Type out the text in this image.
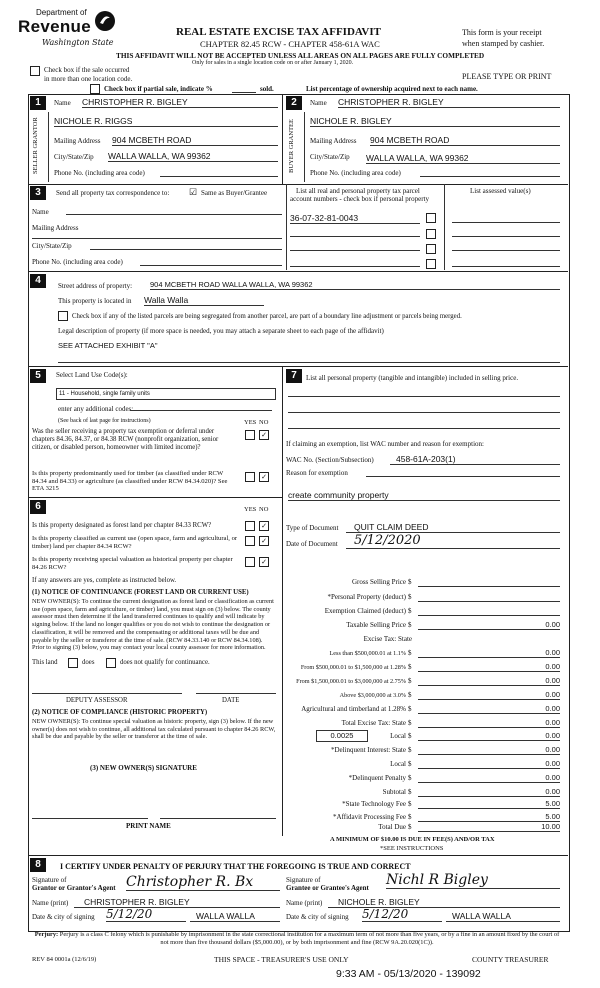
Department of
Revenue
Washington State
REAL ESTATE EXCISE TAX AFFIDAVIT
CHAPTER 82.45 RCW - CHAPTER 458-61A WAC
THIS AFFIDAVIT WILL NOT BE ACCEPTED UNLESS ALL AREAS ON ALL PAGES ARE FULLY COMPLETED
Only for sales in a single location code on or after January 1, 2020.
This form is your receipt
when stamped by cashier.
Check box if the sale occurred
in more than one location code.
Check box if partial sale, indicate %	sold.	List percentage of ownership acquired next to each name.
PLEASE TYPE OR PRINT
1
SELLER GRANTOR
Name CHRISTOPHER R. BIGLEY
NICHOLE R. RIGGS
Mailing Address 904 MCBETH ROAD
City/State/Zip WALLA WALLA, WA 99362
Phone No. (including area code)
2
BUYER GRANTEE
Name CHRISTOPHER R. BIGLEY
NICHOLE R. BIGLEY
Mailing Address 904 MCBETH ROAD
City/State/Zip WALLA WALLA, WA 99362
Phone No. (including area code)
3	Send all property tax correspondence to: ☑ Same as Buyer/Grantee
Name
Mailing Address
City/State/Zip
Phone No. (including area code)
List all real and personal property tax parcel
account numbers - check box if personal property
List assessed value(s)
36-07-32-81-0043
4	Street address of property: 904 MCBETH ROAD WALLA WALLA, WA 99362
This property is located in Walla Walla
Check box if any of the listed parcels are being segregated from another parcel, are part of a boundary line adjustment or parcels being merged.
Legal description of property (if more space is needed, you may attach a separate sheet to each page of the affidavit)
SEE ATTACHED EXHIBIT "A"
5	Select Land Use Code(s):
11 - Household, single family units
enter any additional codes:
(See back of last page for instructions)	YES NO
Was the seller receiving a property tax exemption or deferral under chapters 84.36, 84.37, or 84.38 RCW (nonprofit organization, senior citizen, or disabled person, homeowner with limited income)?
✓
Is this property predominantly used for timber (as classified under RCW 84.34 and 84.33) or agriculture (as classified under RCW 84.34.020)? See ETA 3215
✓
6	YES NO
Is this property designated as forest land per chapter 84.33 RCW?	✓
Is this property classified as current use (open space, farm and agricultural, or timber) land per chapter 84.34 RCW?
✓
Is this property receiving special valuation as historical property per chapter 84.26 RCW?
✓
If any answers are yes, complete as instructed below.
(1) NOTICE OF CONTINUANCE (FOREST LAND OR CURRENT USE)
NEW OWNER(S): To continue the current designation as forest land or classification as current use (open space, farm and agriculture, or timber) land, you must sign on (3) below. The county assessor must then determine if the land transferred continues to qualify and will indicate by signing below. If the land no longer qualifies or you do not wish to continue the designation or classification, it will be removed and the compensating or additional taxes will be due and payable by the seller or transferor at the time of sale. (RCW 84.33.140 or RCW 84.34.108). Prior to signing (3) below, you may contact your local county assessor for more information.
This land	does	does not qualify for continuance.
DEPUTY ASSESSOR	DATE
(2) NOTICE OF COMPLIANCE (HISTORIC PROPERTY)
NEW OWNER(S): To continue special valuation as historic property, sign (3) below. If the new owner(s) does not wish to continue, all additional tax calculated pursuant to chapter 84.26 RCW, shall be due and payable by the seller or transferor at the time of sale.
(3) NEW OWNER(S) SIGNATURE
PRINT NAME
7	List all personal property (tangible and intangible) included in selling price.
If claiming an exemption, list WAC number and reason for exemption:
WAC No. (Section/Subsection)	458-61A-203(1)
Reason for exemption
create community property
Type of Document	QUIT CLAIM DEED
Date of Document	5/12/2020
Gross Selling Price $
*Personal Property (deduct) $
Exemption Claimed (deduct) $
Taxable Selling Price $	0.00
Excise Tax: State
Less than $500,000.01 at 1.1% $	0.00
From $500,000.01 to $1,500,000 at 1.28% $	0.00
From $1,500,000.01 to $3,000,000 at 2.75% $	0.00
Above $3,000,000 at 3.0% $	0.00
Agricultural and timberland at 1.28% $	0.00
Total Excise Tax: State $	0.00
0.0025	Local $	0.00
*Delinquent Interest: State $	0.00
Local $	0.00
*Delinquent Penalty $	0.00
Subtotal $	0.00
*State Technology Fee $	5.00
*Affidavit Processing Fee $	5.00
Total Due $	10.00
A MINIMUM OF $10.00 IS DUE IN FEE(S) AND/OR TAX
*SEE INSTRUCTIONS
8	I CERTIFY UNDER PENALTY OF PERJURY THAT THE FOREGOING IS TRUE AND CORRECT
Signature of
Grantor or Grantor's Agent Christopher R. Bx	Signature of
Grantee or Grantee's Agent Nichl R Bigley
Name (print)	CHRISTOPHER R. BIGLEY	Name (print)	NICHOLE R. BIGLEY
Date & city of signing 5/12/20	WALLA WALLA	Date & city of signing 5/12/20	WALLA WALLA
Perjury: Perjury is a class C felony which is punishable by imprisonment in the state correctional institution for a maximum term of not more than five years, or by a fine in an amount fixed by the court of not more than five thousand dollars ($5,000.00), or by both imprisonment and fine (RCW 9A.20.020(1C)).
REV 84 0001a (12/6/19)	THIS SPACE - TREASURER'S USE ONLY	COUNTY TREASURER
9:33 AM - 05/13/2020 - 139092
